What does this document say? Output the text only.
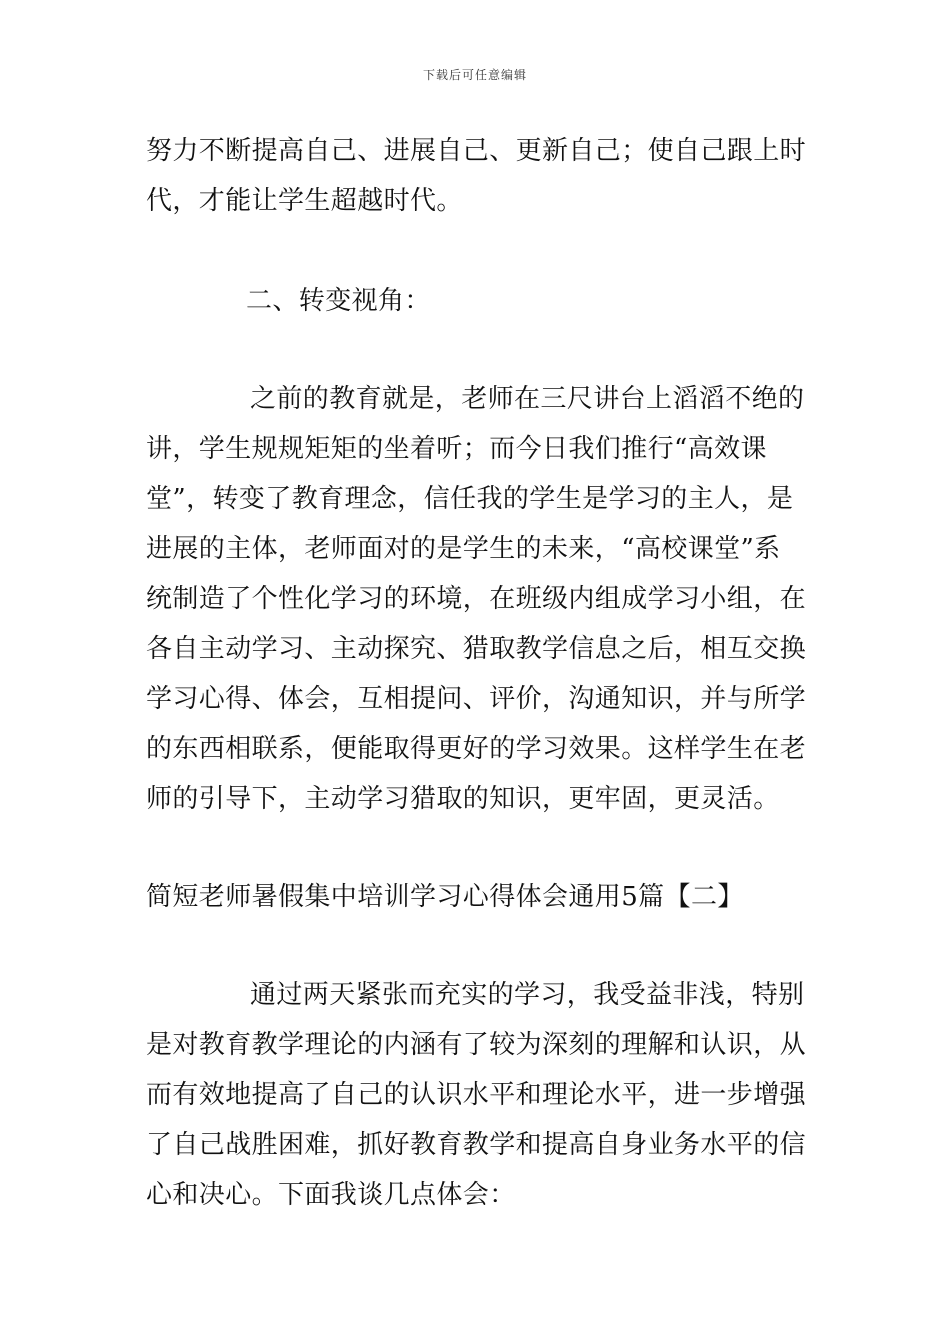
下载后可任意编辑
努力不断提高自己、进展自己、更新自己；使自己跟上时
代，才能让学生超越时代。
二、转变视角：
之前的教育就是，老师在三尺讲台上滔滔不绝的
讲，学生规规矩矩的坐着听；而今日我们推行“高效课
堂”，转变了教育理念，信任我的学生是学习的主人，是
进展的主体，老师面对的是学生的未来，“高校课堂”系
统制造了个性化学习的环境，在班级内组成学习小组，在
各自主动学习、主动探究、猎取教学信息之后，相互交换
学习心得、体会，互相提问、评价，沟通知识，并与所学
的东西相联系，便能取得更好的学习效果。这样学生在老
师的引导下，主动学习猎取的知识，更牢固，更灵活。
简短老师暑假集中培训学习心得体会通用5篇【二】
通过两天紧张而充实的学习，我受益非浅，特别
是对教育教学理论的内涵有了较为深刻的理解和认识，从
而有效地提高了自己的认识水平和理论水平，进一步增强
了自己战胜困难，抓好教育教学和提高自身业务水平的信
心和决心。下面我谈几点体会：
